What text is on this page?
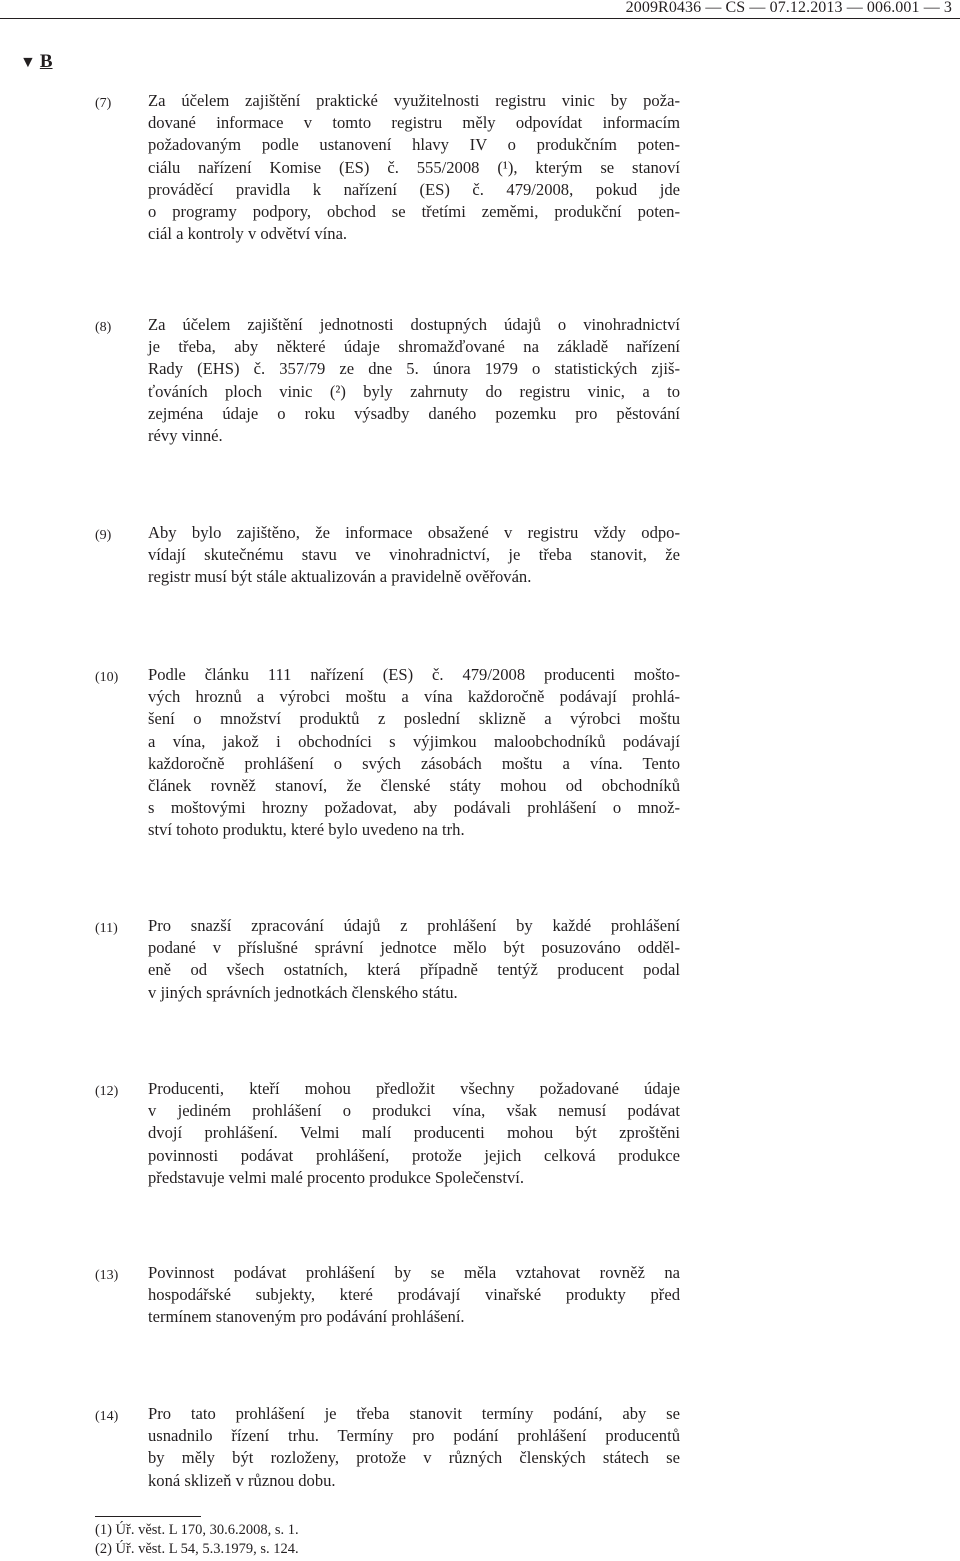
2009R0436 — CS — 07.12.2013 — 006.001 — 3
▼ B
(7) Za účelem zajištění praktické využitelnosti registru vinic by poža-
dované informace v tomto registru měly odpovídat informacím
požadovaným podle ustanovení hlavy IV o produkčním poten-
ciálu nařízení Komise (ES) č. 555/2008 (¹), kterým se stanoví
prováděcí pravidla k nařízení (ES) č. 479/2008, pokud jde
o programy podpory, obchod se třetími zeměmi, produkční poten-
ciál a kontroly v odvětví vína.
(8) Za účelem zajištění jednotnosti dostupných údajů o vinohradnictví
je třeba, aby některé údaje shromažďované na základě nařízení
Rady (EHS) č. 357/79 ze dne 5. února 1979 o statistických zjiš-
ťováních ploch vinic (²) byly zahrnuty do registru vinic, a to
zejména údaje o roku výsadby daného pozemku pro pěstování
révy vinné.
(9) Aby bylo zajištěno, že informace obsažené v registru vždy odpo-
vídají skutečnému stavu ve vinohradnictví, je třeba stanovit, že
registr musí být stále aktualizován a pravidelně ověřován.
(10) Podle článku 111 nařízení (ES) č. 479/2008 producenti mošto-
vých hroznů a výrobci moštu a vína každoročně podávají prohlá-
šení o množství produktů z poslední sklizně a výrobci moštu
a vína, jakož i obchodníci s výjimkou maloobchodníků podávají
každoročně prohlášení o svých zásobách moštu a vína. Tento
článek rovněž stanoví, že členské státy mohou od obchodníků
s moštovými hrozny požadovat, aby podávali prohlášení o množ-
ství tohoto produktu, které bylo uvedeno na trh.
(11) Pro snazší zpracování údajů z prohlášení by každé prohlášení
podané v příslušné správní jednotce mělo být posuzováno odděl-
eně od všech ostatních, která případně tentýž producent podal
v jiných správních jednotkách členského státu.
(12) Producenti, kteří mohou předložit všechny požadované údaje
v jediném prohlášení o produkci vína, však nemusí podávat
dvojí prohlášení. Velmi malí producenti mohou být zproštěni
povinnosti podávat prohlášení, protože jejich celková produkce
představuje velmi malé procento produkce Společenství.
(13) Povinnost podávat prohlášení by se měla vztahovat rovněž na
hospodářské subjekty, které prodávají vinařské produkty před
termínem stanoveným pro podávání prohlášení.
(14) Pro tato prohlášení je třeba stanovit termíny podání, aby se
usnadnilo řízení trhu. Termíny pro podání prohlášení producentů
by měly být rozloženy, protože v různých členských státech se
koná sklizeň v různou dobu.
(1) Úř. věst. L 170, 30.6.2008, s. 1.
(2) Úř. věst. L 54, 5.3.1979, s. 124.
